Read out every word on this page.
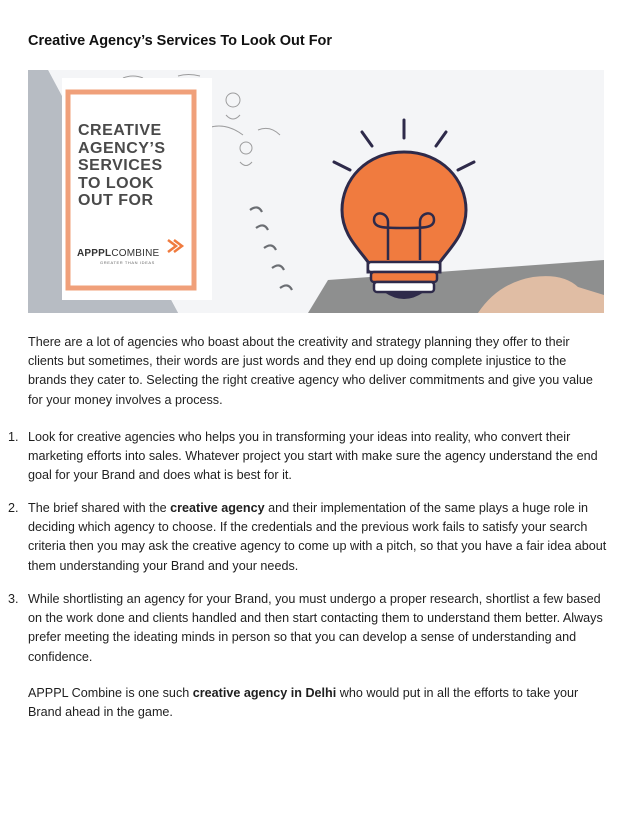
Creative Agency’s Services To Look Out For
CREATIVE
AGENCY’S
SERVICES
TO LOOK
OUT FOR
APPPLCOMBINE
GREATER THAN IDEAS
There are a lot of agencies who boast about the creativity and strategy planning they offer to their clients but sometimes, their words are just words and they end up doing complete injustice to the brands they cater to. Selecting the right creative agency who deliver commitments and give you value for your money involves a process.
1. Look for creative agencies who helps you in transforming your ideas into reality, who convert their marketing efforts into sales. Whatever project you start with make sure the agency understand the end goal for your Brand and does what is best for it.
2. The brief shared with the creative agency and their implementation of the same plays a huge role in deciding which agency to choose. If the credentials and the previous work fails to satisfy your search criteria then you may ask the creative agency to come up with a pitch, so that you have a fair idea about them understanding your Brand and your needs.
3. While shortlisting an agency for your Brand, you must undergo a proper research, shortlist a few based on the work done and clients handled and then start contacting them to understand them better. Always prefer meeting the ideating minds in person so that you can develop a sense of understanding and confidence.
APPPL Combine is one such creative agency in Delhi who would put in all the efforts to take your Brand ahead in the game.
